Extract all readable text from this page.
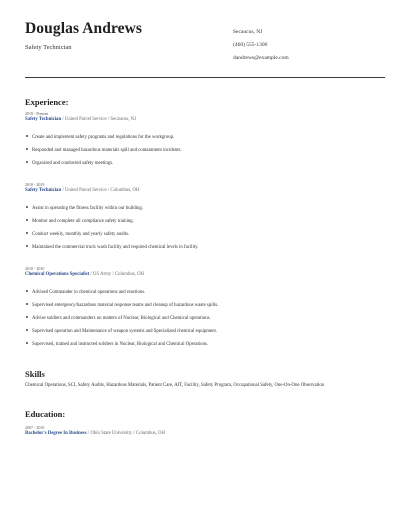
Douglas Andrews
Safety Technician
Secaucus, NJ
(460) 555-1300
dandrews@example.com
Experience:
2019 - Present
Safety Technician / United Parcel Service / Secaucus, NJ
Create and implement safety programs and regulations for the workgroup.
Responded and managed hazardous materials spill and containment incidents.
Organized and conducted safety meetings.
2010 - 2019
Safety Technician / United Parcel Service / Columbus, OH
Assist in operating the fitness facility within our building.
Monitor and complete all compliance safety training.
Conduct weekly, monthly and yearly safety audits.
Maintained the commercial truck wash facility and required chemical levels in facility.
2010 - 2010
Chemical Operations Specialist / US Army / Columbus, OH
Advised Commander in chemical operations and reactions.
Supervised emergency/hazardous material response teams and cleanup of hazardous waste spills.
Advise soldiers and commanders on matters of Nuclear, Biological and Chemical operations.
Supervised operation and Maintenance of weapon systems and Specialized chemical equipment.
Supervised, trained and instructed soldiers in Nuclear, Biological and Chemical Operations.
Skills
Chemical Operations, SCI, Safety Audits, Hazardous Materials, Patient Care, AIT, Facility, Safety Program, Occupational Safety, One-On-One Observation
Education:
2007 - 2010
Bachelor's Degree In Business / Ohio State University / Columbus, OH
